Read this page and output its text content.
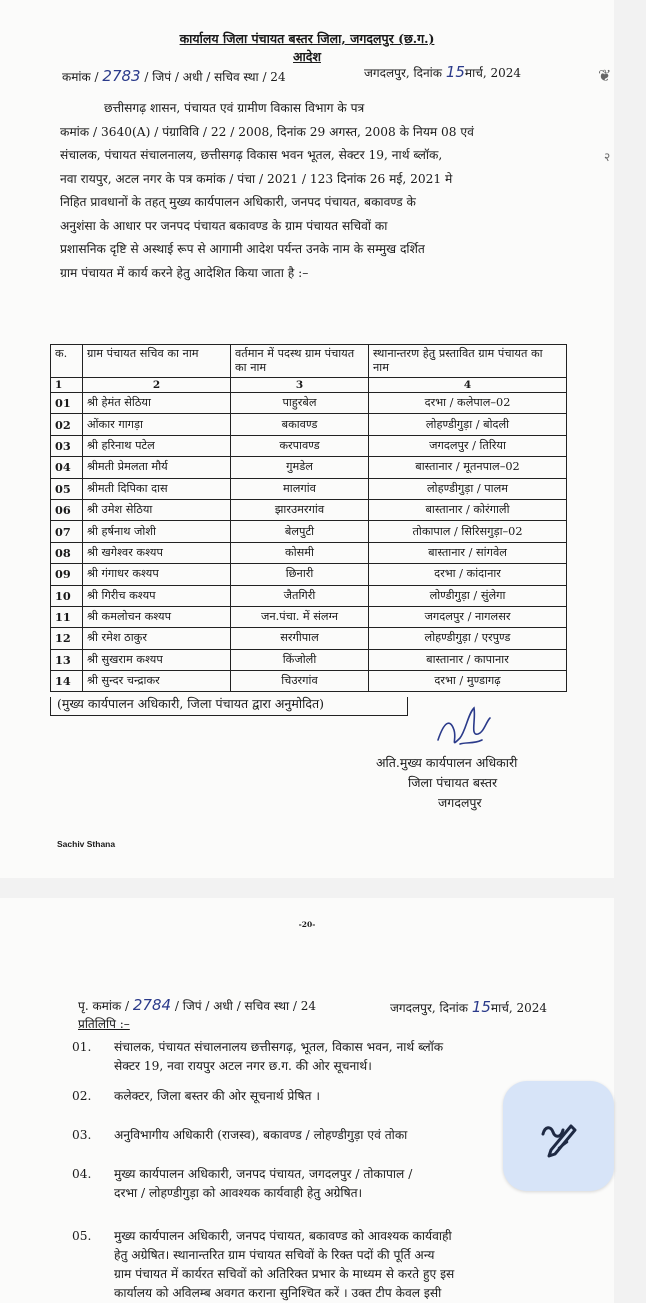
कार्यालय जिला पंचायत बस्तर जिला, जगदलपुर (छ.ग.)
आदेश
कमांक / 2783 / जिपं / अधी / सचिव स्था / 24	जगदलपुर, दिनांक 15मार्च, 2024
छत्तीसगढ़ शासन, पंचायत एवं ग्रामीण विकास विभाग के पत्र
कमांक / 3640(A) / पंग्राविवि / 22 / 2008, दिनांक 29 अगस्त, 2008 के नियम 08 एवं
संचालक, पंचायत संचालनालय, छत्तीसगढ़ विकास भवन भूतल, सेक्टर 19, नार्थ ब्लॉक,
नवा रायपुर, अटल नगर के पत्र कमांक / पंचा / 2021 / 123 दिनांक 26 मई, 2021 मे
निहित प्रावधानों के तहत् मुख्य कार्यपालन अधिकारी, जनपद पंचायत, बकावण्ड के
अनुशंसा के आधार पर जनपद पंचायत बकावण्ड के ग्राम पंचायत सचिवों का
प्रशासनिक दृष्टि से अस्थाई रूप से आगामी आदेश पर्यन्त उनके नाम के सम्मुख दर्शित
ग्राम पंचायत में कार्य करने हेतु आदेशित किया जाता है :–
क.	ग्राम पंचायत सचिव का नाम	वर्तमान में पदस्थ ग्राम पंचायत का नाम	स्थानान्तरण हेतु प्रस्तावित ग्राम पंचायत का नाम
1	2	3	4
01	श्री हेमंत सेठिया	पाहुरबेल	दरभा / कलेपाल–02
02	ओंकार गागड़ा	बकावण्ड	लोहण्डीगुड़ा / बोदली
03	श्री हरिनाथ पटेल	करपावण्ड	जगदलपुर / तिरिया
04	श्रीमती प्रेमलता मौर्य	गुमडेल	बास्तानार / मूतनपाल–02
05	श्रीमती दिपिका दास	मालगांव	लोहण्डीगुड़ा / पालम
06	श्री उमेश सेठिया	झारउमरगांव	बास्तानार / कोरंगाली
07	श्री हर्षनाथ जोशी	बेलपुटी	तोकापाल / सिरिसगुड़ा–02
08	श्री खगेश्वर कश्यप	कोसमी	बास्तानार / सांगवेल
09	श्री गंगाधर कश्यप	छिनारी	दरभा / कांदानार
10	श्री गिरीच कश्यप	जैतगिरी	लोण्डीगुड़ा / सुंलेगा
11	श्री कमलोचन कश्यप	जन.पंचा. में संलग्न	जगदलपुर / नागलसर
12	श्री रमेश ठाकुर	सरगीपाल	लोहण्डीगुड़ा / एरपुण्ड
13	श्री सुखराम कश्यप	किंजोली	बास्तानार / कापानार
14	श्री सुन्दर चन्द्राकर	चिउरगांव	दरभा / मुण्डागढ़
(मुख्य कार्यपालन अधिकारी, जिला पंचायत द्वारा अनुमोदित)
अति.मुख्य कार्यपालन अधिकारी
जिला पंचायत बस्तर
जगदलपुर
Sachiv Sthana
❦
२
-20-
पृ. कमांक / 2784 / जिपं / अधी / सचिव स्था / 24	जगदलपुर, दिनांक 15मार्च, 2024
प्रतिलिपि :–
01. संचालक, पंचायत संचालनालय छत्तीसगढ़, भूतल, विकास भवन, नार्थ ब्लॉक
सेक्टर 19, नवा रायपुर अटल नगर छ.ग. की ओर सूचनार्थ।
02. कलेक्टर, जिला बस्तर की ओर सूचनार्थ प्रेषित ।
03. अनुविभागीय अधिकारी (राजस्व), बकावण्ड / लोहण्डीगुड़ा एवं तोका
04. मुख्य कार्यपालन अधिकारी, जनपद पंचायत, जगदलपुर / तोकापाल /
दरभा / लोहण्डीगुड़ा को आवश्यक कार्यवाही हेतु अग्रेषित।
05. मुख्य कार्यपालन अधिकारी, जनपद पंचायत, बकावण्ड को आवश्यक कार्यवाही
हेतु अग्रेषित। स्थानान्तरित ग्राम पंचायत सचिवों के रिक्त पदों की पूर्ति अन्य
ग्राम पंचायत में कार्यरत सचिवों को अतिरिक्त प्रभार के माध्यम से करते हुए इस
कार्यालय को अविलम्ब अवगत कराना सुनिश्चित करें । उक्त टीप केवल इसी
